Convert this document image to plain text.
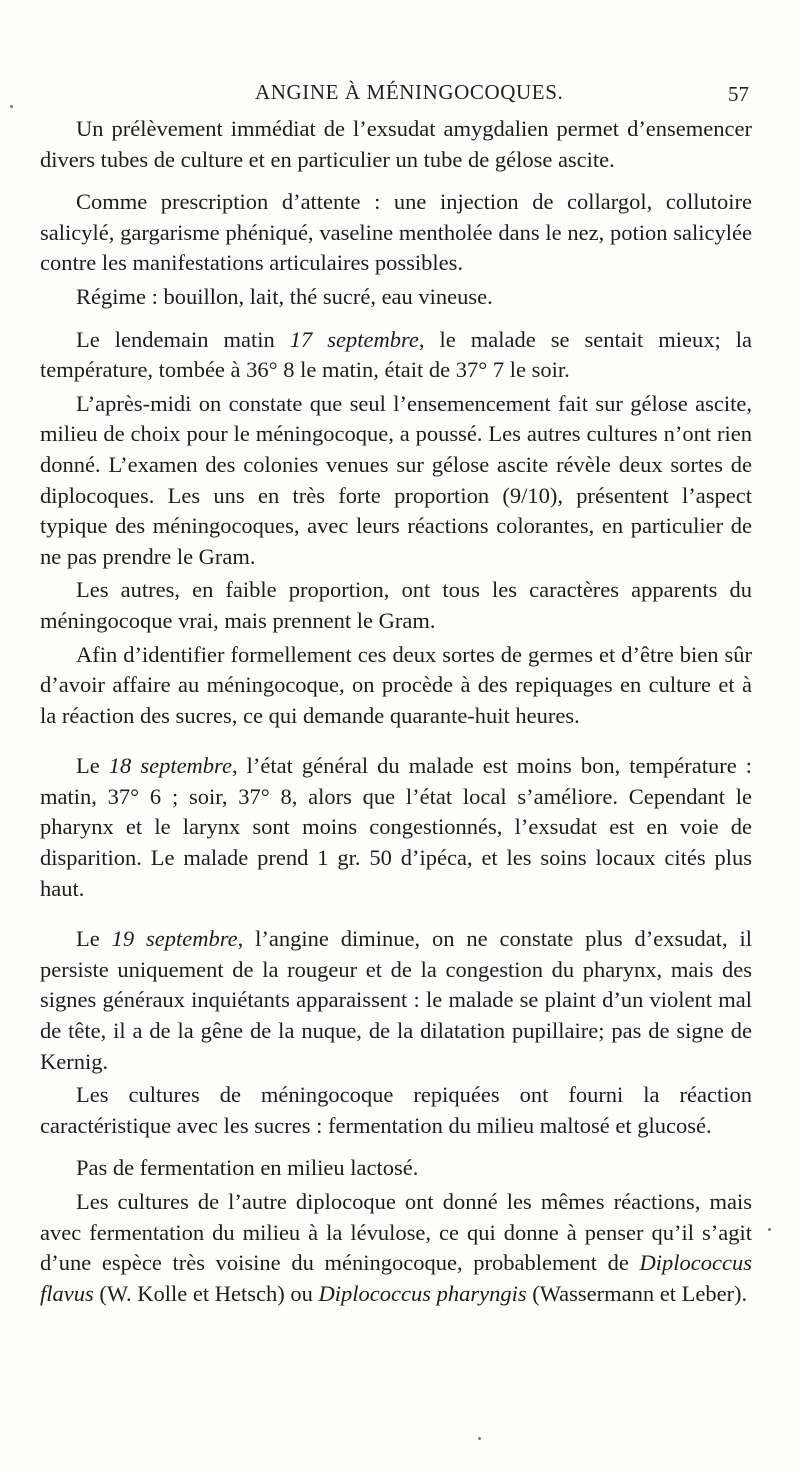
ANGINE À MÉNINGOCOQUES.	57

Un prélèvement immédiat de l’exsudat amygdalien permet d’ensemencer divers tubes de culture et en particulier un tube de gélose ascite.

Comme prescription d’attente : une injection de collargol, collutoire salicylé, gargarisme phéniqué, vaseline mentholée dans le nez, potion salicylée contre les manifestations articulaires possibles.

Régime : bouillon, lait, thé sucré, eau vineuse.

Le lendemain matin 17 septembre, le malade se sentait mieux; la température, tombée à 36° 8 le matin, était de 37° 7 le soir.

L’après-midi on constate que seul l’ensemencement fait sur gélose ascite, milieu de choix pour le méningocoque, a poussé. Les autres cultures n’ont rien donné. L’examen des colonies venues sur gélose ascite révèle deux sortes de diplocoques. Les uns en très forte proportion (9/10), présentent l’aspect typique des méningocoques, avec leurs réactions colorantes, en particulier de ne pas prendre le Gram.

Les autres, en faible proportion, ont tous les caractères apparents du méningocoque vrai, mais prennent le Gram.

Afin d’identifier formellement ces deux sortes de germes et d’être bien sûr d’avoir affaire au méningocoque, on procède à des repiquages en culture et à la réaction des sucres, ce qui demande quarante-huit heures.

Le 18 septembre, l’état général du malade est moins bon, température : matin, 37° 6 ; soir, 37° 8, alors que l’état local s’améliore. Cependant le pharynx et le larynx sont moins congestionnés, l’exsudat est en voie de disparition. Le malade prend 1 gr. 50 d’ipéca, et les soins locaux cités plus haut.

Le 19 septembre, l’angine diminue, on ne constate plus d’exsudat, il persiste uniquement de la rougeur et de la congestion du pharynx, mais des signes généraux inquiétants apparaissent : le malade se plaint d’un violent mal de tête, il a de la gêne de la nuque, de la dilatation pupillaire; pas de signe de Kernig.

Les cultures de méningocoque repiquées ont fourni la réaction caractéristique avec les sucres : fermentation du milieu maltosé et glucosé.

Pas de fermentation en milieu lactosé.

Les cultures de l’autre diplocoque ont donné les mêmes réactions, mais avec fermentation du milieu à la lévulose, ce qui donne à penser qu’il s’agit d’une espèce très voisine du méningocoque, probablement de Diplococcus flavus (W. Kolle et Hetsch) ou Diplococcus pharyngis (Wassermann et Leber).
